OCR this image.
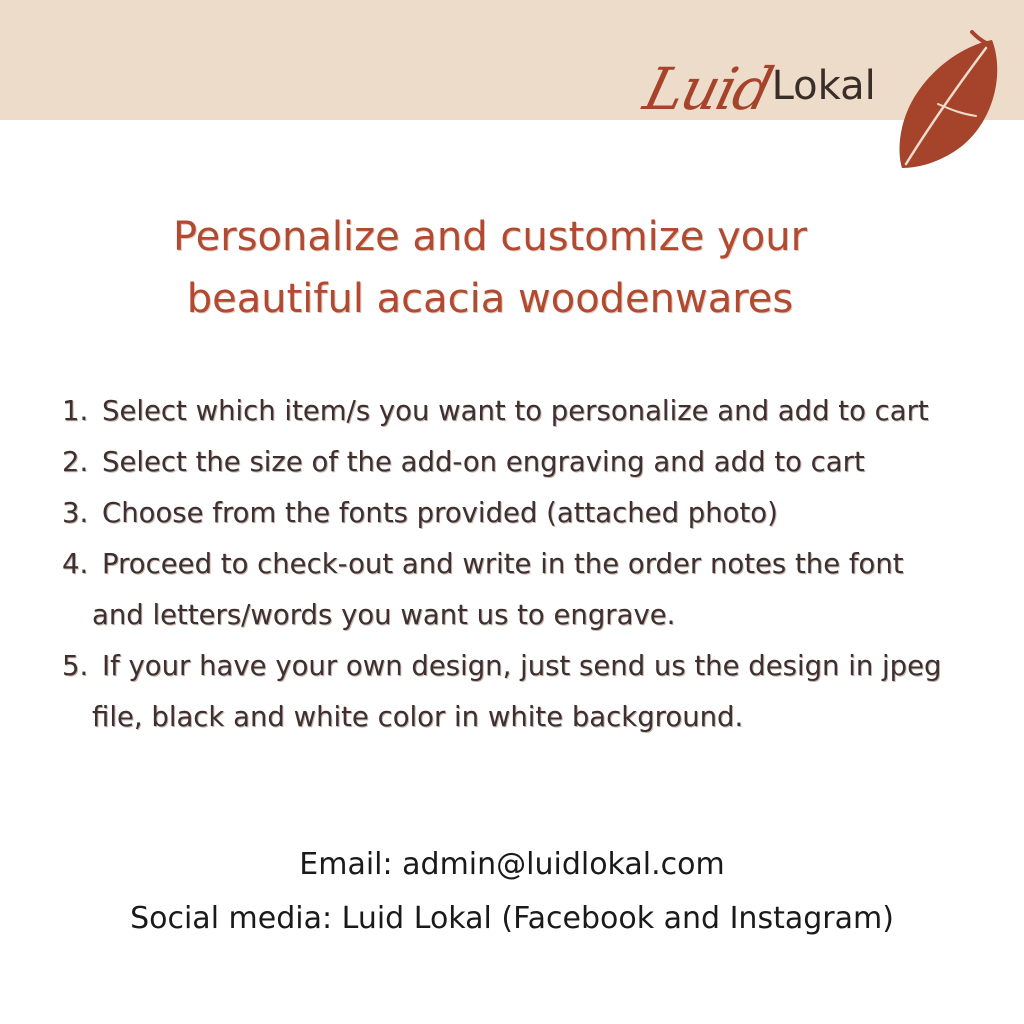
Luid
Lokal
Personalize and customize your
beautiful acacia woodenwares
1. Select which item/s you want to personalize and add to cart
2. Select the size of the add-on engraving and add to cart
3. Choose from the fonts provided (attached photo)
4. Proceed to check-out and write in the order notes the font
and letters/words you want us to engrave.
5. If your have your own design, just send us the design in jpeg
file, black and white color in white background.
Email: admin@luidlokal.com
Social media: Luid Lokal (Facebook and Instagram)
